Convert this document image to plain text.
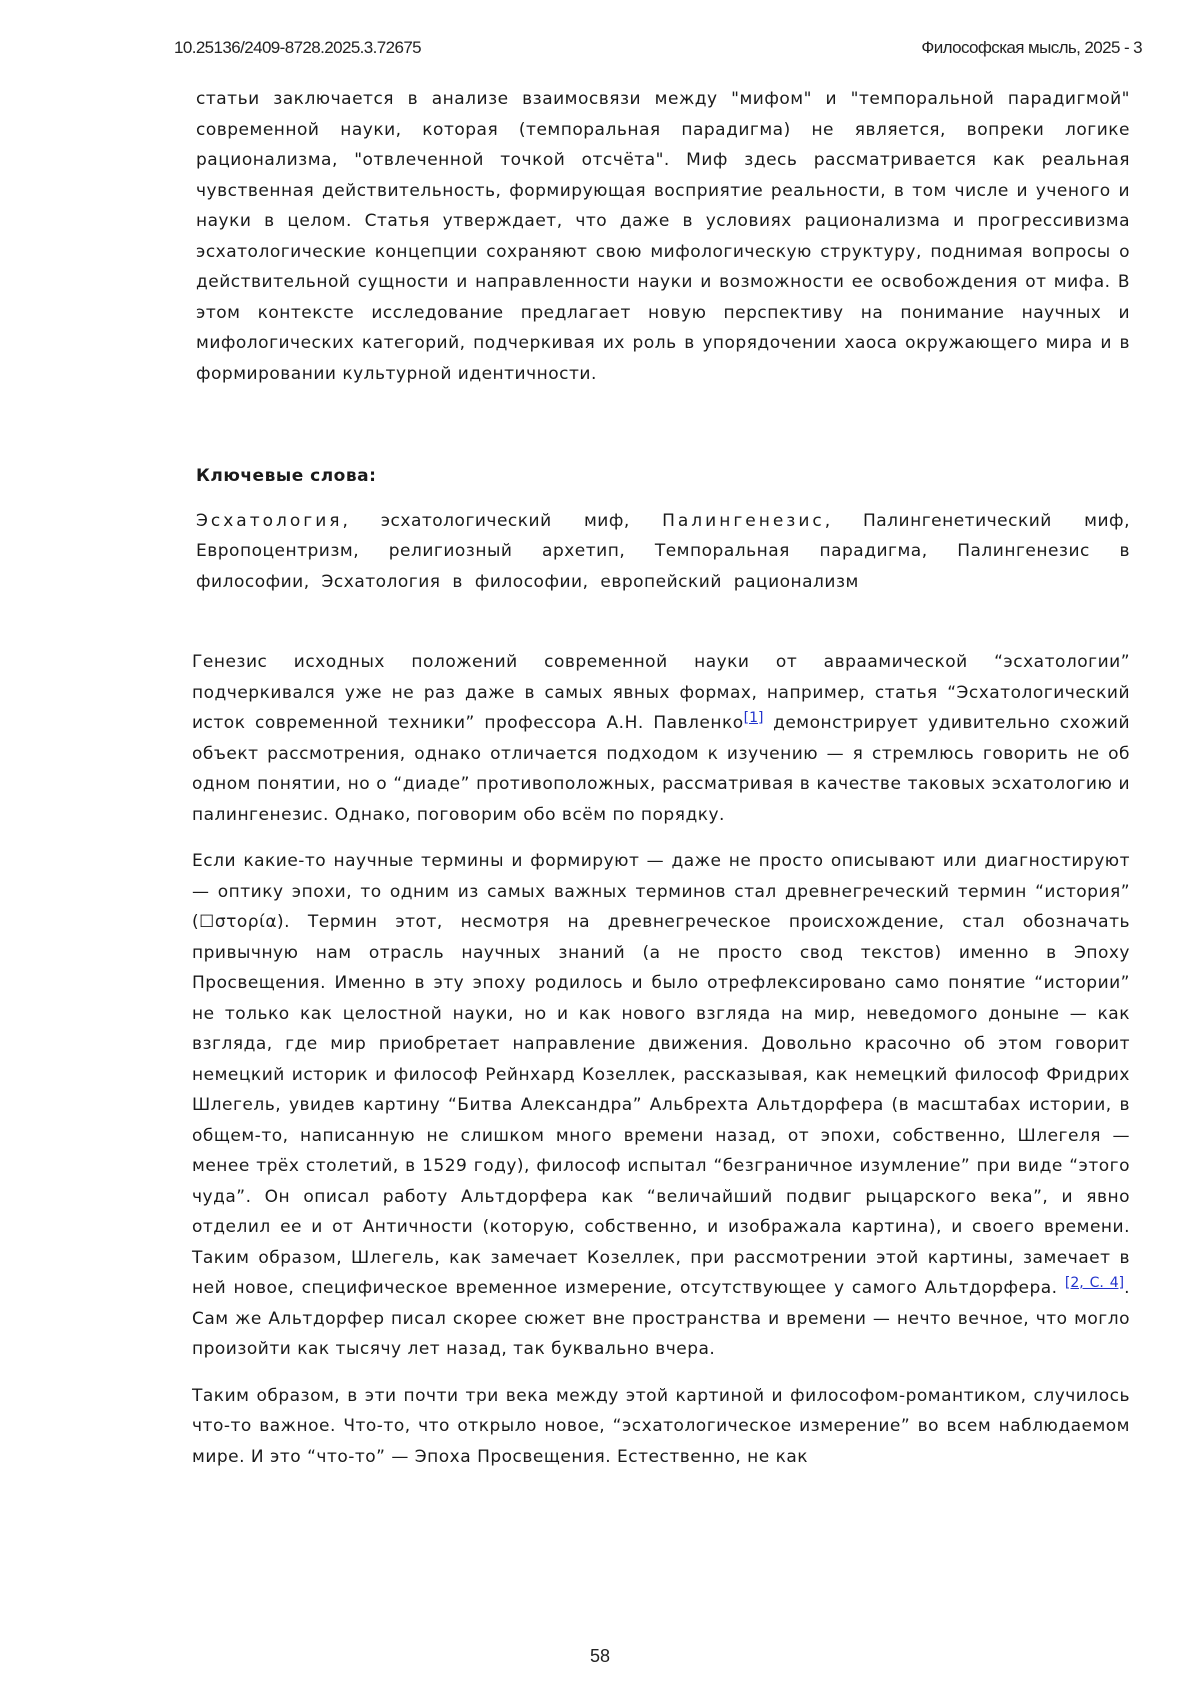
10.25136/2409-8728.2025.3.72675	Философская мысль, 2025 - 3

статьи заключается в анализе взаимосвязи между "мифом" и "темпоральной парадигмой" современной науки, которая (темпоральная парадигма) не является, вопреки логике рационализма, "отвлеченной точкой отсчёта". Миф здесь рассматривается как реальная чувственная действительность, формирующая восприятие реальности, в том числе и ученого и науки в целом. Статья утверждает, что даже в условиях рационализма и прогрессивизма эсхатологические концепции сохраняют свою мифологическую структуру, поднимая вопросы о действительной сущности и направленности науки и возможности ее освобождения от мифа. В этом контексте исследование предлагает новую перспективу на понимание научных и мифологических категорий, подчеркивая их роль в упорядочении хаоса окружающего мира и в формировании культурной идентичности.

Ключевые слова:

Эсхатология, эсхатологический миф, Палингенезис, Палингенетический миф, Европоцентризм, религиозный архетип, Темпоральная парадигма, Палингенезис в философии, Эсхатология в философии, европейский рационализм

Генезис исходных положений современной науки от авраамической “эсхатологии” подчеркивался уже не раз даже в самых явных формах, например, статья “Эсхатологический исток современной техники” профессора А.Н. Павленко[1] демонстрирует удивительно схожий объект рассмотрения, однако отличается подходом к изучению — я стремлюсь говорить не об одном понятии, но о “диаде” противоположных, рассматривая в качестве таковых эсхатологию и палингенезис. Однако, поговорим обо всём по порядку.

Если какие-то научные термины и формируют — даже не просто описывают или диагностируют — оптику эпохи, то одним из самых важных терминов стал древнегреческий термин “история” (☐στορία). Термин этот, несмотря на древнегреческое происхождение, стал обозначать привычную нам отрасль научных знаний (а не просто свод текстов) именно в Эпоху Просвещения. Именно в эту эпоху родилось и было отрефлексировано само понятие “истории” не только как целостной науки, но и как нового взгляда на мир, неведомого доныне — как взгляда, где мир приобретает направление движения. Довольно красочно об этом говорит немецкий историк и философ Рейнхард Козеллек, рассказывая, как немецкий философ Фридрих Шлегель, увидев картину “Битва Александра” Альбрехта Альтдорфера (в масштабах истории, в общем-то, написанную не слишком много времени назад, от эпохи, собственно, Шлегеля — менее трёх столетий, в 1529 году), философ испытал “безграничное изумление” при виде “этого чуда”. Он описал работу Альтдорфера как “величайший подвиг рыцарского века”, и явно отделил ее и от Античности (которую, собственно, и изображала картина), и своего времени. Таким образом, Шлегель, как замечает Козеллек, при рассмотрении этой картины, замечает в ней новое, специфическое временное измерение, отсутствующее у самого Альтдорфера. [2, С. 4]. Сам же Альтдорфер писал скорее сюжет вне пространства и времени — нечто вечное, что могло произойти как тысячу лет назад, так буквально вчера.

Таким образом, в эти почти три века между этой картиной и философом-романтиком, случилось что-то важное. Что-то, что открыло новое, “эсхатологическое измерение” во всем наблюдаемом мире. И это “что-то” — Эпоха Просвещения. Естественно, не как

58
